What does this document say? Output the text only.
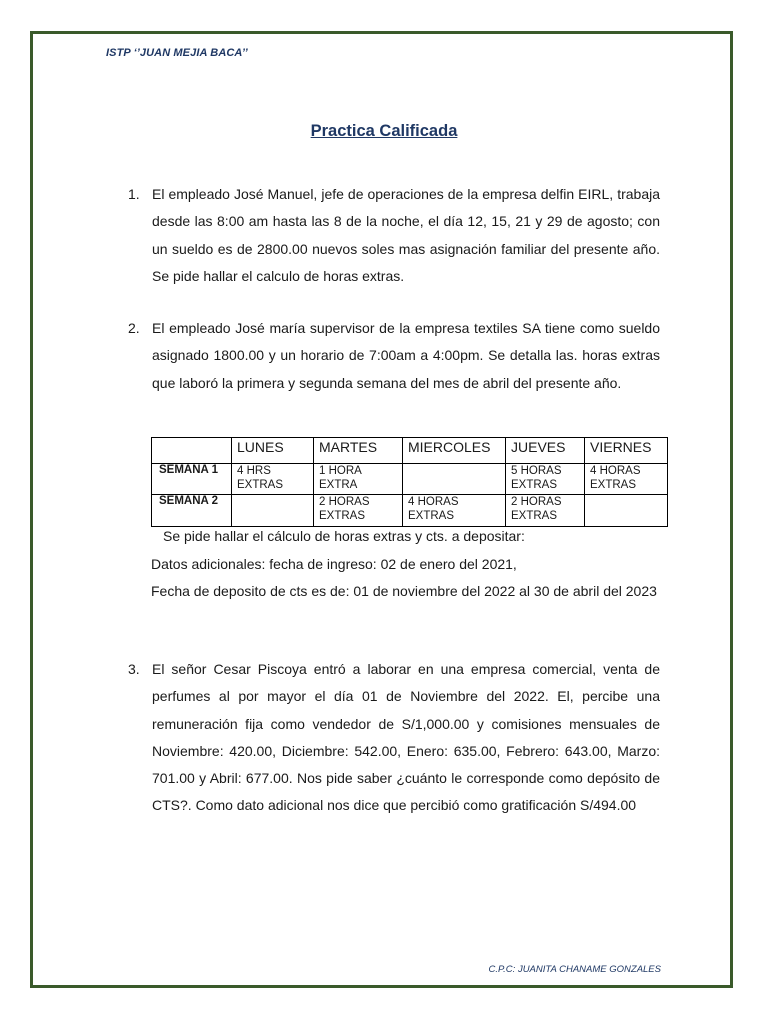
ISTP ‘’JUAN MEJIA BACA’’
Practica Calificada
1. El empleado José Manuel, jefe de operaciones de la empresa delfin EIRL, trabaja desde las 8:00 am hasta las 8 de la noche, el día 12, 15, 21 y 29 de agosto; con un sueldo es de 2800.00 nuevos soles mas asignación familiar del presente año. Se pide hallar el calculo de horas extras.
2. El empleado José maría supervisor de la empresa textiles SA tiene como sueldo asignado 1800.00 y un horario de 7:00am a 4:00pm. Se detalla las. horas extras que laboró la primera y segunda semana del mes de abril del presente año.
	LUNES	MARTES	MIERCOLES	JUEVES	VIERNES
SEMANA 1	4 HRS EXTRAS	1 HORA EXTRA		5 HORAS EXTRAS	4 HORAS EXTRAS
SEMANA 2		2 HORAS EXTRAS	4 HORAS EXTRAS	2 HORAS EXTRAS	
Se pide hallar el cálculo de horas extras y cts. a depositar:
Datos adicionales: fecha de ingreso: 02 de enero del 2021,
Fecha de deposito de cts es de: 01 de noviembre del 2022 al 30 de abril del 2023
3. El señor Cesar Piscoya entró a laborar en una empresa comercial, venta de perfumes al por mayor el día 01 de Noviembre del 2022. El, percibe una remuneración fija como vendedor de S/1,000.00 y comisiones mensuales de Noviembre: 420.00, Diciembre: 542.00, Enero: 635.00, Febrero: 643.00, Marzo: 701.00 y Abril: 677.00. Nos pide saber ¿cuánto le corresponde como depósito de CTS?. Como dato adicional nos dice que percibió como gratificación S/494.00
C.P.C: JUANITA CHANAME GONZALES
